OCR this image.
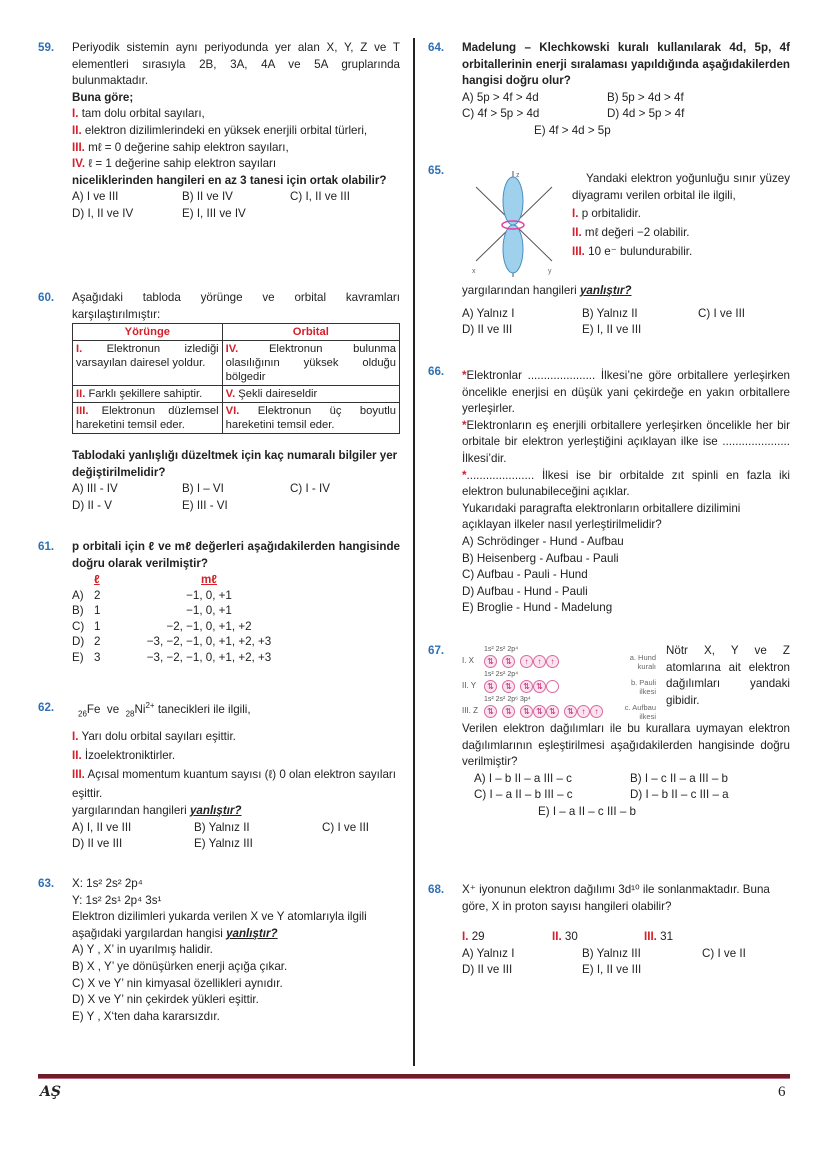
59. Periyodik sistemin aynı periyodunda yer alan X, Y, Z ve T elementleri sırasıyla 2B, 3A, 4A ve 5A gruplarında bulunmaktadır.
Buna göre;
I. tam dolu orbital sayıları,
II. elektron dizilimlerindeki en yüksek enerjili orbital türleri,
III. mℓ = 0 değerine sahip elektron sayıları,
IV. ℓ = 1 değerine sahip elektron sayıları
niceliklerinden hangileri en az 3 tanesi için ortak olabilir?
A) I ve III	B) II ve IV	C) I, II ve III
D) I, II ve IV	E) I, III ve IV
60. Aşağıdaki tabloda yörünge ve orbital kavramları karşılaştırılmıştır:
Yörünge	Orbital
I. Elektronun izlediği varsayılan dairesel yoldur.	IV. Elektronun bulunma olasılığının yüksek olduğu bölgedir
II. Farklı şekillere sahiptir.	V. Şekli daireseldir
III. Elektronun düzlemsel hareketini temsil eder.	VI. Elektronun üç boyutlu hareketini temsil eder.
Tablodaki yanlışlığı düzeltmek için kaç numaralı bilgiler yer değiştirilmelidir?
A) III - IV	B) I – VI	C) I - IV
D) II - V	E) III - VI
61. p orbitali için ℓ ve mℓ değerleri aşağıdakilerden hangisinde doğru olarak verilmiştir?
ℓ	mℓ
A) 2	−1, 0, +1
B) 1	−1, 0, +1
C) 1	−2, −1, 0, +1, +2
D) 2	−3, −2, −1, 0, +1, +2, +3
E) 3	−3, −2, −1, 0, +1, +2, +3
62.	$_{26}$Fe ve $_{28}Ni^{2+}$ tanecikleri ile ilgili,
I. Yarı dolu orbital sayıları eşittir.
II. İzoelektroniktirler.
III. Açısal momentum kuantum sayısı (ℓ) 0 olan elektron sayıları eşittir.
yargılarından hangileri yanlıştır?
A) I, II ve III	B) Yalnız II	C) I ve III
D) II ve III	E) Yalnız III
63. X: 1s² 2s² 2p⁴
Y: 1s² 2s¹ 2p⁴ 3s¹
Elektron dizilimleri yukarda verilen X ve Y atomlarıyla ilgili aşağıdaki yargılardan hangisi yanlıştır?
A) Y , X’ in uyarılmış halidir.
B) X , Y’ ye dönüşürken enerji açığa çıkar.
C) X ve Y’ nin kimyasal özellikleri aynıdır.
D) X ve Y’ nin çekirdek yükleri eşittir.
E) Y , X‘ten daha kararsızdır.
64. Madelung – Klechkowski kuralı kullanılarak 4d, 5p, 4f orbitallerinin enerji sıralaması yapıldığında aşağıdakilerden hangisi doğru olur?
A) 5p > 4f > 4d	B) 5p > 4d > 4f
C) 4f > 5p > 4d	D) 4d > 5p > 4f
E) 4f > 4d > 5p
65.	z
x	y
Yandaki elektron yoğunluğu sınır yüzey diyagramı verilen orbital ile ilgili,
I. p orbitalidir.
II. mℓ değeri −2 olabilir.
III. 10 e⁻ bulundurabilir.
yargılarından hangileri yanlıştır?
A) Yalnız I	B) Yalnız II	C) I ve III
D) II ve III	E) I, II ve III
66. *Elektronlar ..................... İlkesi’ne göre orbitallere yerleşirken öncelikle enerjisi en düşük yani çekirdeğe en yakın orbitallere yerleşirler.
*Elektronların eş enerjili orbitallere yerleşirken öncelikle her bir orbitale bir elektron yerleştiğini açıklayan ilke ise ..................... İlkesi’dir.
*..................... İlkesi ise bir orbitalde zıt spinli en fazla iki elektron bulunabileceğini açıklar.
Yukarıdaki paragrafta elektronların orbitallere dizilimini açıklayan ilkeler nasıl yerleştirilmelidir?
A) Schrödinger - Hund - Aufbau
B) Heisenberg - Aufbau - Pauli
C) Aufbau - Pauli - Hund
D) Aufbau - Hund - Pauli
E) Broglie - Hund - Madelung
67.	1s² 2s² 2p⁴
I. X	⇅	⇅	↑	↑	↑
1s² 2s² 2p⁴
II. Y	⇅	⇅	⇅ ⇅
1s² 2s² 2p⁶ 3p⁴
III. Z	⇅	⇅	⇅ ⇅ ⇅	⇅ ↑	↑
a. Hund kuralı
b. Pauli ilkesi
c. Aufbau ilkesi
Nötr X, Y ve Z atomlarına ait elektron dağılımları yandaki gibidir.
Verilen elektron dağılımları ile bu kurallara uymayan elektron dağılımlarının eşleştirilmesi aşağıdakilerden hangisinde doğru verilmiştir?
A) I – b II – a III – c	B) I – c II – a III – b
C) I – a II – b III – c	D) I – b II – c III – a
E) I – a II – c III – b
68. X⁺ iyonunun elektron dağılımı 3d¹⁰ ile sonlanmaktadır. Buna göre, X in proton sayısı hangileri olabilir?
I. 29	II. 30	III. 31
A) Yalnız I	B) Yalnız III	C) I ve II
D) II ve III	E) I, II ve III
AŞ	6
